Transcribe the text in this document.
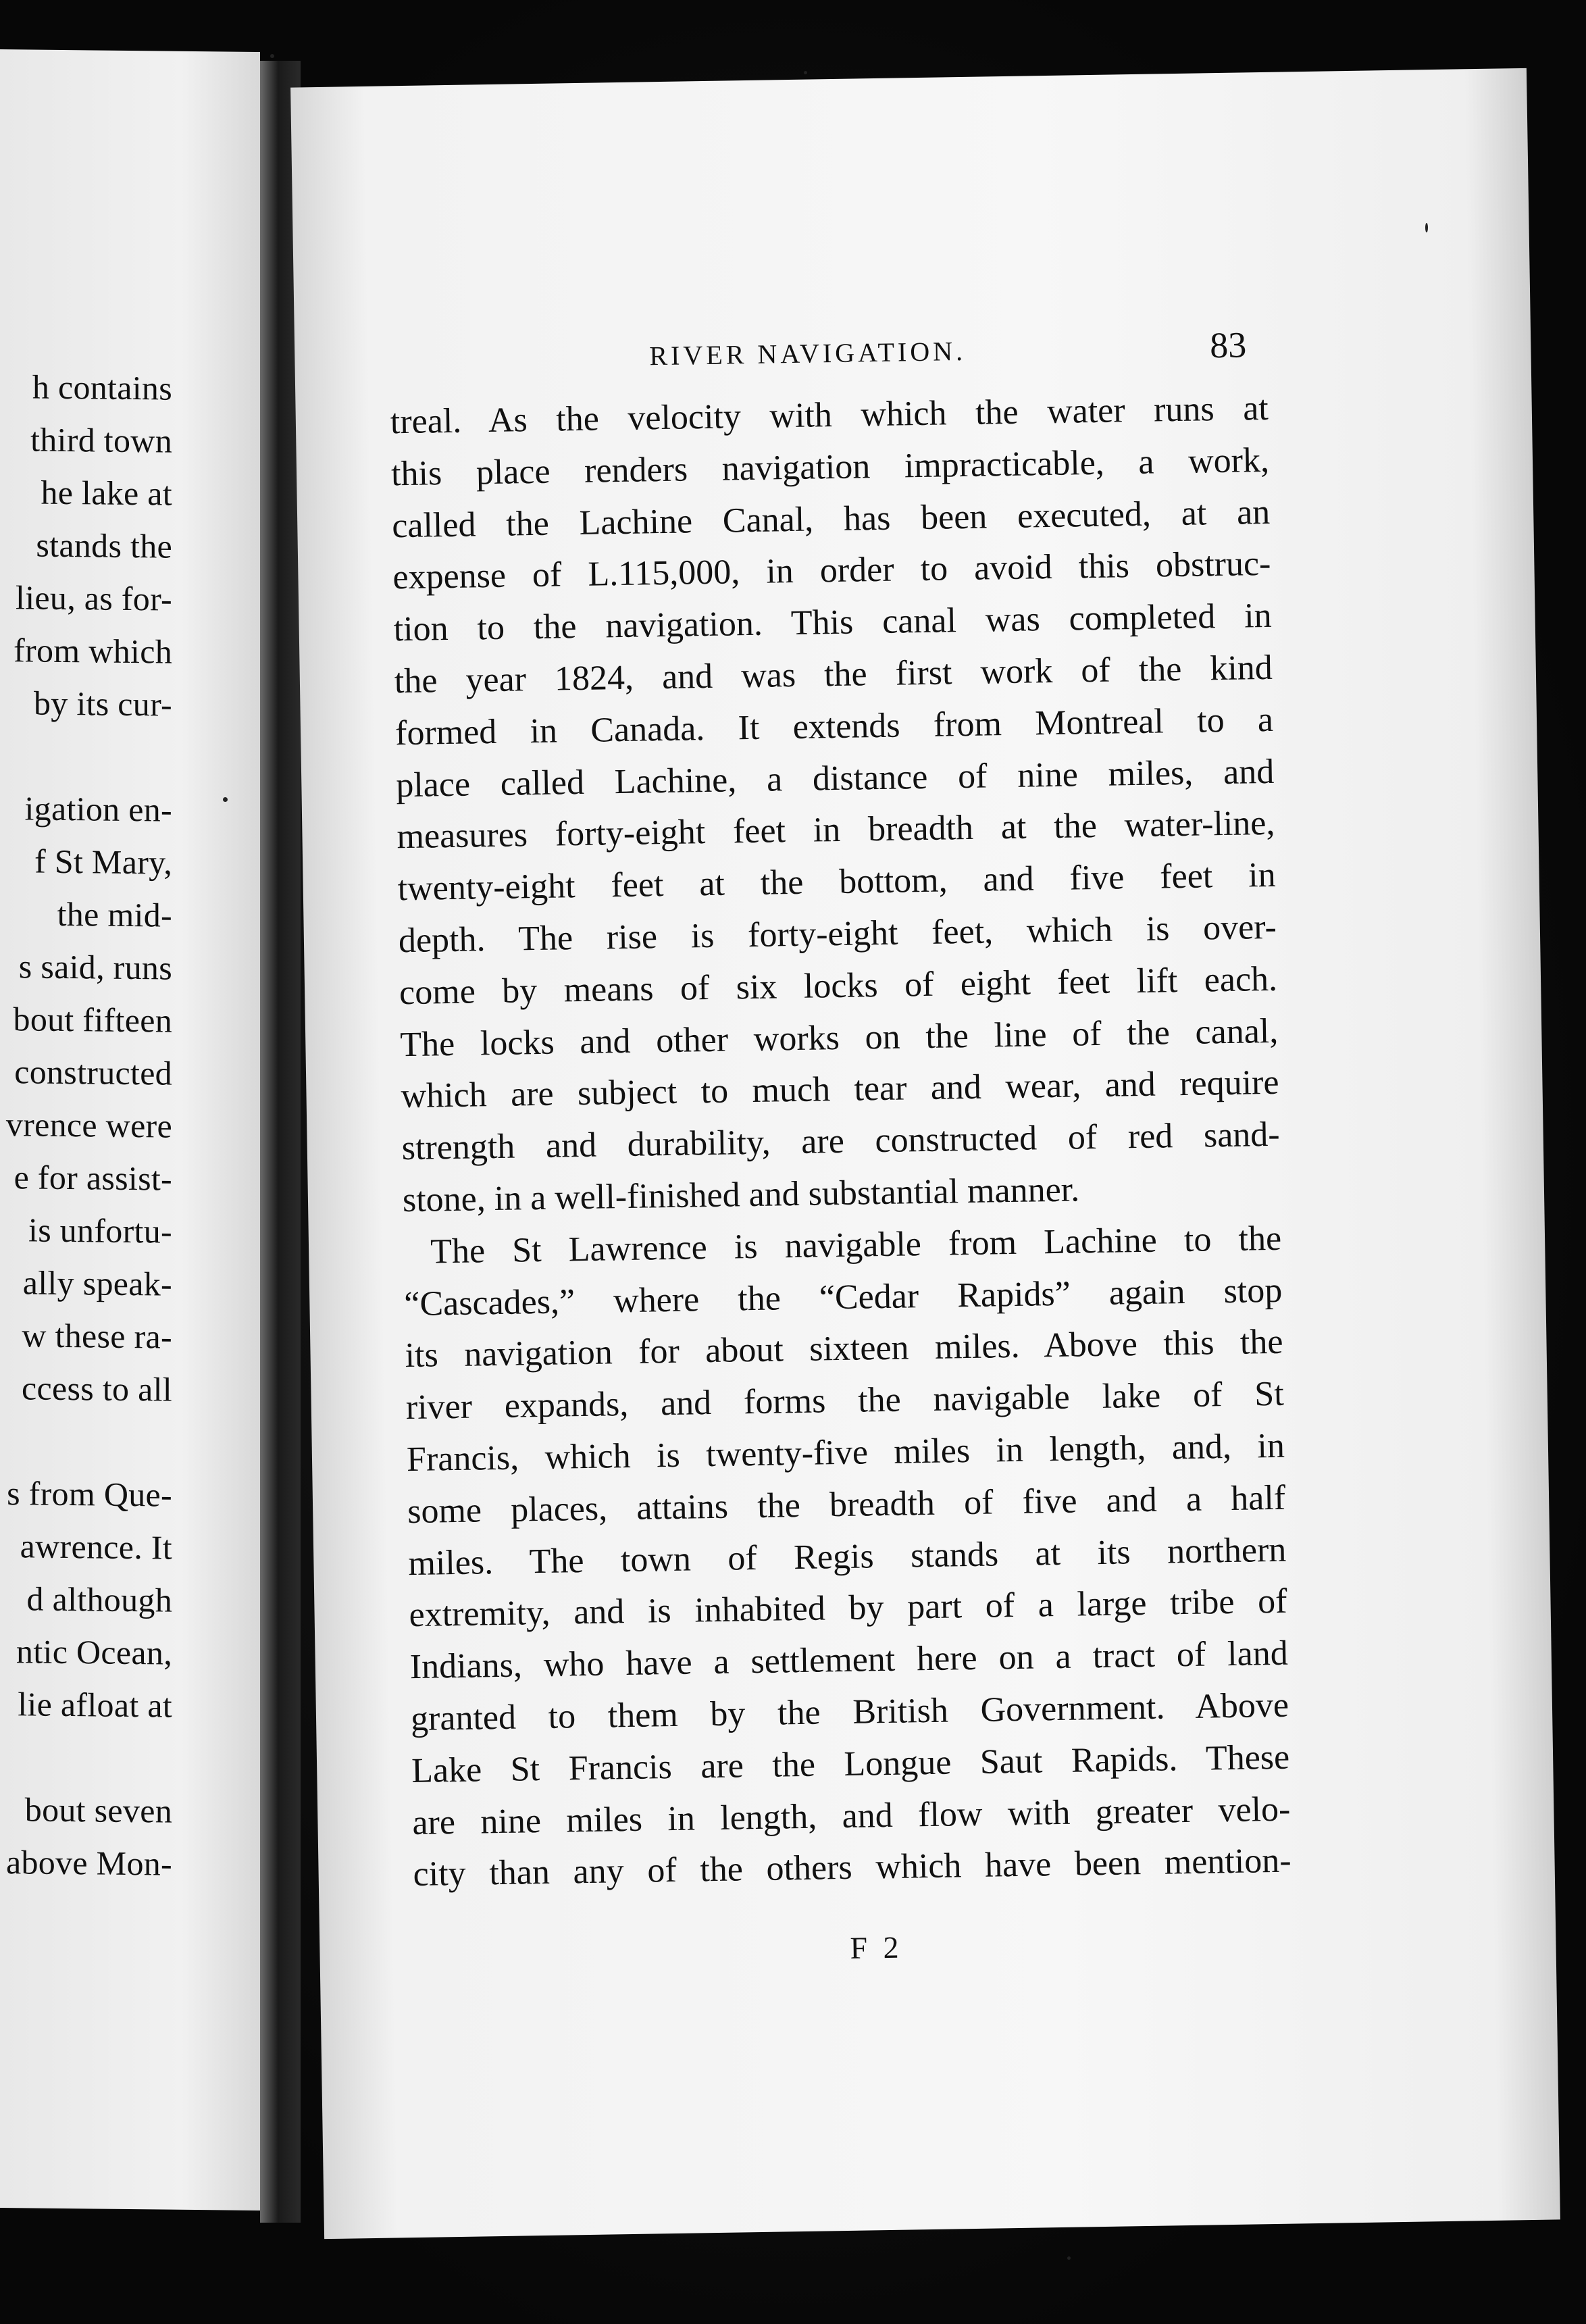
h contains
third town
he lake at
stands the
lieu, as for-
from which
by its cur-
igation en-
f St Mary,
the mid-
s said, runs
bout fifteen
constructed
vrence were
e for assist-
is unfortu-
ally speak-
w these ra-
ccess to all
s from Que-
awrence. It
d although
ntic Ocean,
lie afloat at
bout seven
above Mon-
RIVER NAVIGATION.	83
treal. As the velocity with which the water runs at
this place renders navigation impracticable, a work,
called the Lachine Canal, has been executed, at an
expense of L.115,000, in order to avoid this obstruc-
tion to the navigation. This canal was completed in
the year 1824, and was the first work of the kind
formed in Canada. It extends from Montreal to a
place called Lachine, a distance of nine miles, and
measures forty-eight feet in breadth at the water-line,
twenty-eight feet at the bottom, and five feet in
depth. The rise is forty-eight feet, which is over-
come by means of six locks of eight feet lift each.
The locks and other works on the line of the canal,
which are subject to much tear and wear, and require
strength and durability, are constructed of red sand-
stone, in a well-finished and substantial manner.
The St Lawrence is navigable from Lachine to the
“Cascades,” where the “Cedar Rapids” again stop
its navigation for about sixteen miles. Above this the
river expands, and forms the navigable lake of St
Francis, which is twenty-five miles in length, and, in
some places, attains the breadth of five and a half
miles. The town of Regis stands at its northern
extremity, and is inhabited by part of a large tribe of
Indians, who have a settlement here on a tract of land
granted to them by the British Government. Above
Lake St Francis are the Longue Saut Rapids. These
are nine miles in length, and flow with greater velo-
city than any of the others which have been mention-
F 2
